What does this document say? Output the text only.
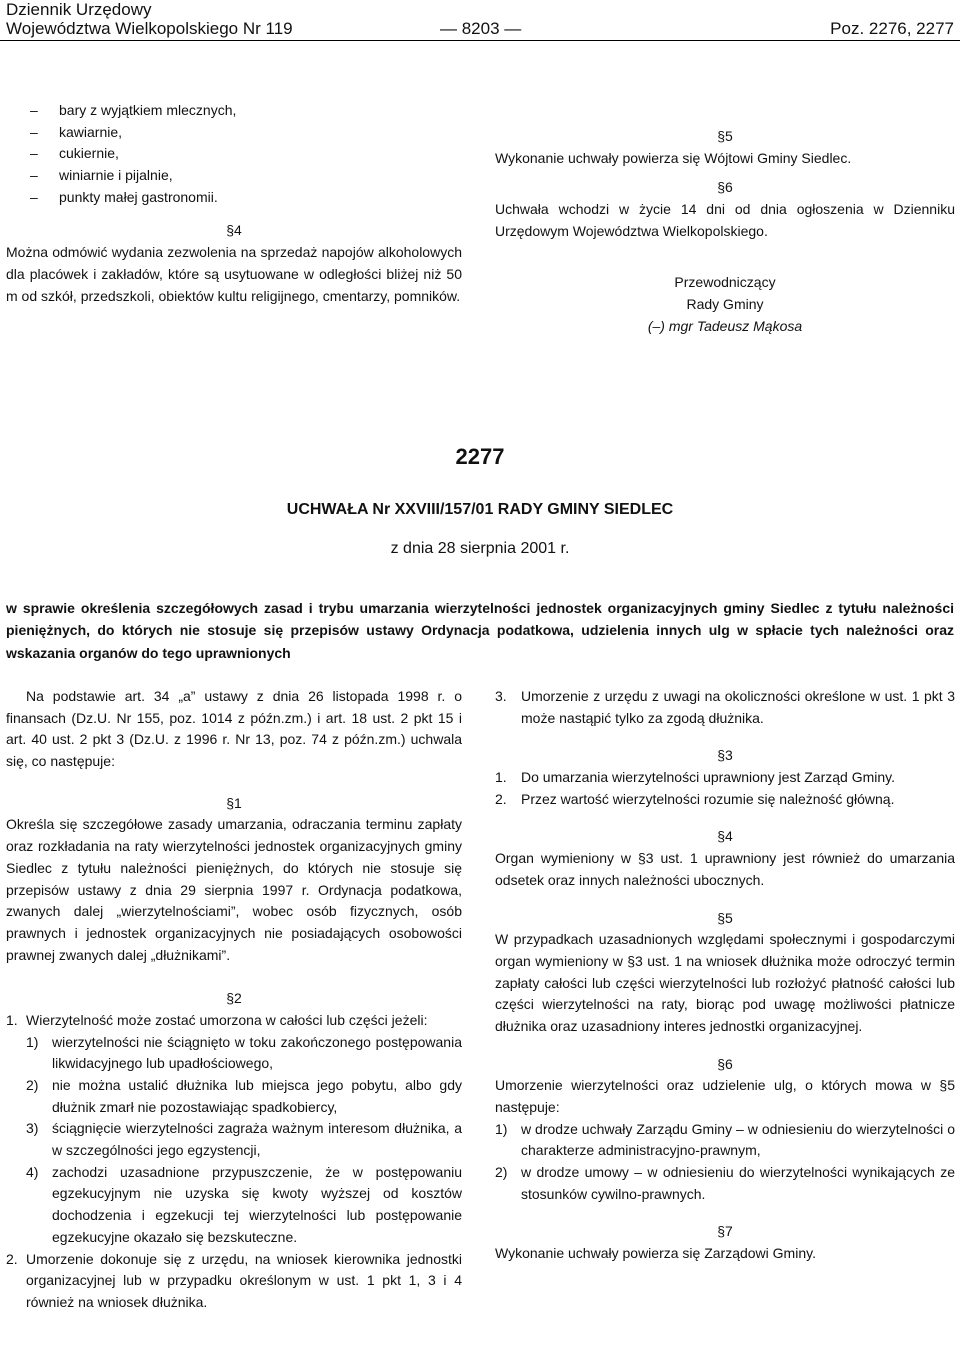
Dziennik Urzędowy
Województwa Wielkopolskiego Nr 119	— 8203 —	Poz. 2276, 2277
– bary z wyjątkiem mlecznych,
– kawiarnie,
– cukiernie,
– winiarnie i pijalnie,
– punkty małej gastronomii.

§4

Można odmówić wydania zezwolenia na sprzedaż napojów alkoholowych dla placówek i zakładów, które są usytuowane w odległości bliżej niż 50 m od szkół, przedszkoli, obiektów kultu religijnego, cmentarzy, pomników.

§5

Wykonanie uchwały powierza się Wójtowi Gminy Siedlec.

§6

Uchwała wchodzi w życie 14 dni od dnia ogłoszenia w Dzienniku Urzędowym Województwa Wielkopolskiego.

Przewodniczący
Rady Gminy
(–) mgr Tadeusz Mąkosa
2277
UCHWAŁA Nr XXVIII/157/01 RADY GMINY SIEDLEC
z dnia 28 sierpnia 2001 r.
w sprawie określenia szczegółowych zasad i trybu umarzania wierzytelności jednostek organizacyjnych gminy Siedlec z tytułu należności pieniężnych, do których nie stosuje się przepisów ustawy Ordynacja podatkowa, udzielenia innych ulg w spłacie tych należności oraz wskazania organów do tego uprawnionych

Na podstawie art. 34 „a” ustawy z dnia 26 listopada 1998 r. o finansach (Dz.U. Nr 155, poz. 1014 z późn.zm.) i art. 18 ust. 2 pkt 15 i art. 40 ust. 2 pkt 3 (Dz.U. z 1996 r. Nr 13, poz. 74 z późn.zm.) uchwala się, co następuje:

§1

Określa się szczegółowe zasady umarzania, odraczania terminu zapłaty oraz rozkładania na raty wierzytelności jednostek organizacyjnych gminy Siedlec z tytułu należności pieniężnych, do których nie stosuje się przepisów ustawy z dnia 29 sierpnia 1997 r. Ordynacja podatkowa, zwanych dalej „wierzytelnościami”, wobec osób fizycznych, osób prawnych i jednostek organizacyjnych nie posiadających osobowości prawnej zwanych dalej „dłużnikami”.

§2

1. Wierzytelność może zostać umorzona w całości lub części jeżeli:
1) wierzytelności nie ściągnięto w toku zakończonego postępowania likwidacyjnego lub upadłościowego,
2) nie można ustalić dłużnika lub miejsca jego pobytu, albo gdy dłużnik zmarł nie pozostawiając spadkobiercy,
3) ściągnięcie wierzytelności zagraża ważnym interesom dłużnika, a w szczególności jego egzystencji,
4) zachodzi uzasadnione przypuszczenie, że w postępowaniu egzekucyjnym nie uzyska się kwoty wyższej od kosztów dochodzenia i egzekucji tej wierzytelności lub postępowanie egzekucyjne okazało się bezskuteczne.
2. Umorzenie dokonuje się z urzędu, na wniosek kierownika jednostki organizacyjnej lub w przypadku określonym w ust. 1 pkt 1, 3 i 4 również na wniosek dłużnika.
3. Umorzenie z urzędu z uwagi na okoliczności określone w ust. 1 pkt 3 może nastąpić tylko za zgodą dłużnika.

§3

1. Do umarzania wierzytelności uprawniony jest Zarząd Gminy.
2. Przez wartość wierzytelności rozumie się należność główną.

§4

Organ wymieniony w §3 ust. 1 uprawniony jest również do umarzania odsetek oraz innych należności ubocznych.

§5

W przypadkach uzasadnionych względami społecznymi i gospodarczymi organ wymieniony w §3 ust. 1 na wniosek dłużnika może odroczyć termin zapłaty całości lub części wierzytelności lub rozłożyć płatność całości lub części wierzytelności na raty, biorąc pod uwagę możliwości płatnicze dłużnika oraz uzasadniony interes jednostki organizacyjnej.

§6

Umorzenie wierzytelności oraz udzielenie ulg, o których mowa w §5 następuje:

1) w drodze uchwały Zarządu Gminy – w odniesieniu do wierzytelności o charakterze administracyjno-prawnym,
2) w drodze umowy – w odniesieniu do wierzytelności wynikających ze stosunków cywilno-prawnych.

§7

Wykonanie uchwały powierza się Zarządowi Gminy.
